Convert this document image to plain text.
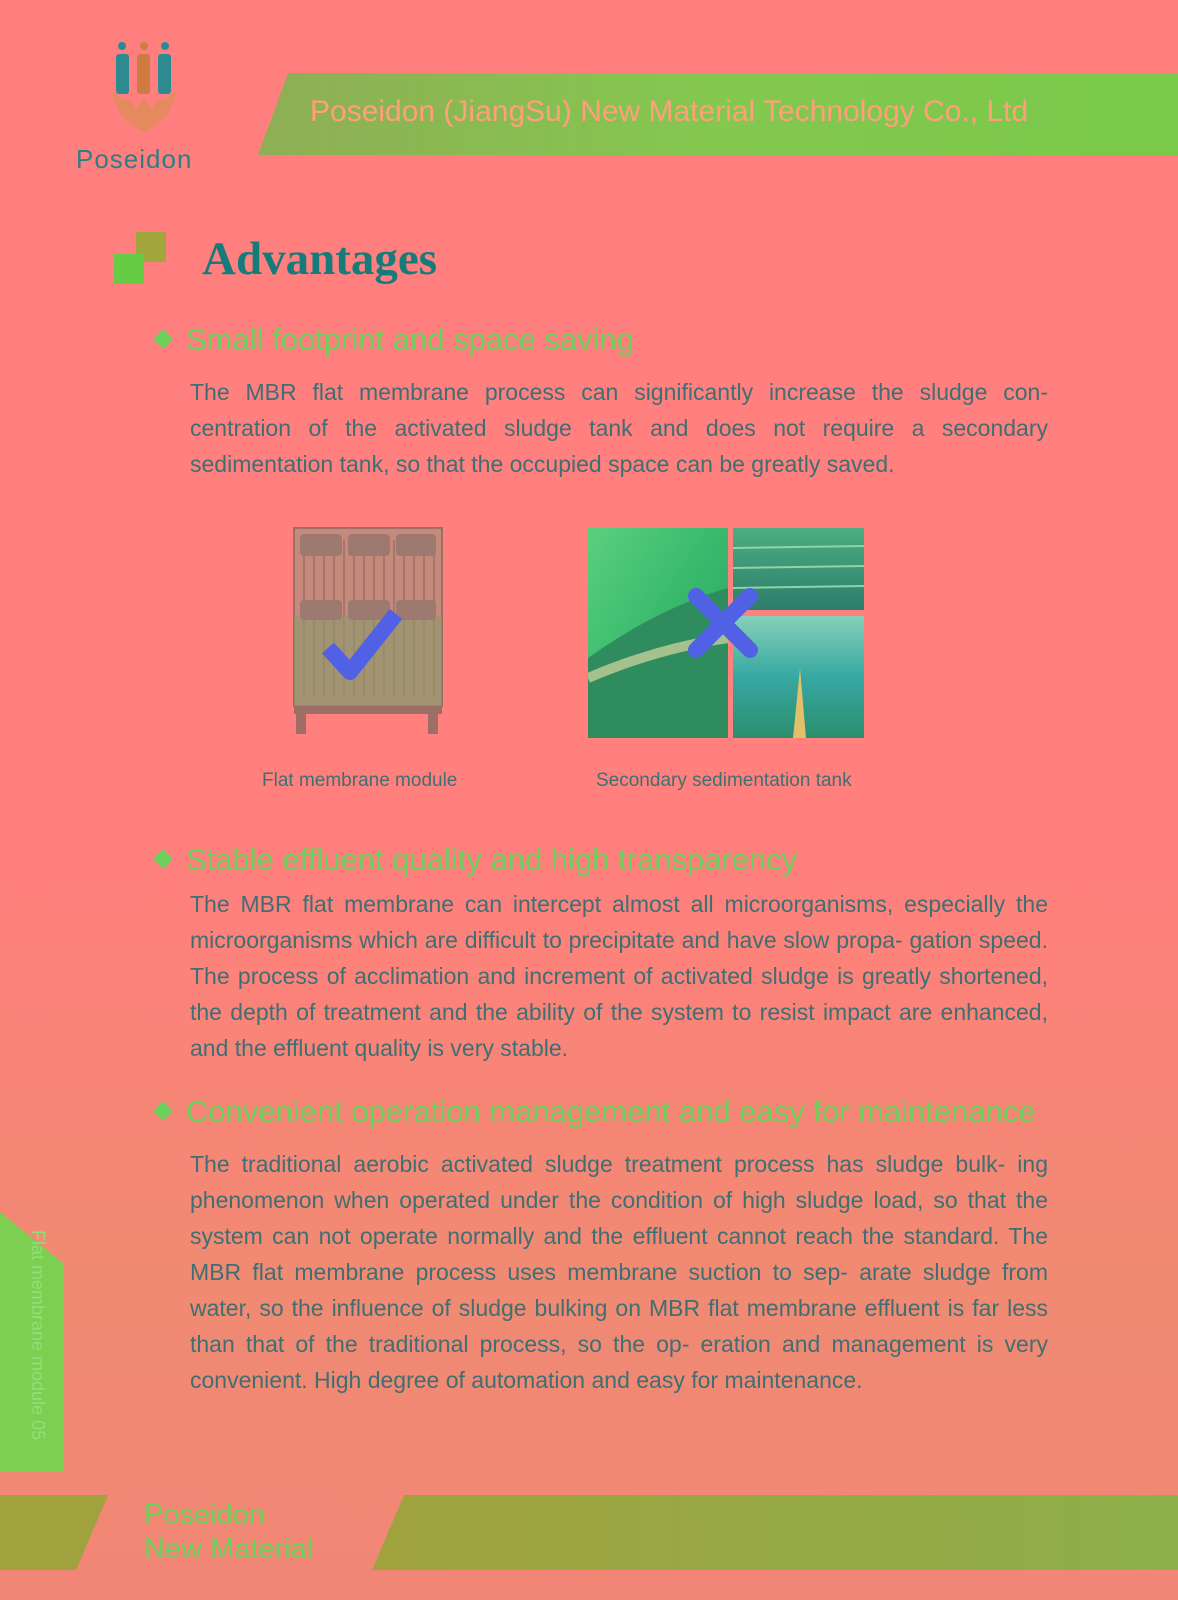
Poseidon
Poseidon (JiangSu) New Material Technology Co., Ltd
Advantages
Small footprint and space saving
The MBR flat membrane process can significantly increase the sludge con- centration of the activated sludge tank and does not require a secondary sedimentation tank, so that the occupied space can be greatly saved.
Flat membrane module	Secondary sedimentation tank
Stable effluent quality and high transparency
The MBR flat membrane can intercept almost all microorganisms, especially the microorganisms which are difficult to precipitate and have slow propa- gation speed. The process of acclimation and increment of activated sludge is greatly shortened, the depth of treatment and the ability of the system to resist impact are enhanced, and the effluent quality is very stable.
Convenient operation management and easy for maintenance
The traditional aerobic activated sludge treatment process has sludge bulk- ing phenomenon when operated under the condition of high sludge load, so that the system can not operate normally and the effluent cannot reach the standard. The MBR flat membrane process uses membrane suction to sep- arate sludge from water, so the influence of sludge bulking on MBR flat membrane effluent is far less than that of the traditional process, so the op- eration and management is very convenient. High degree of automation and easy for maintenance.
Flat membrane module 05
Poseidon
New Material
